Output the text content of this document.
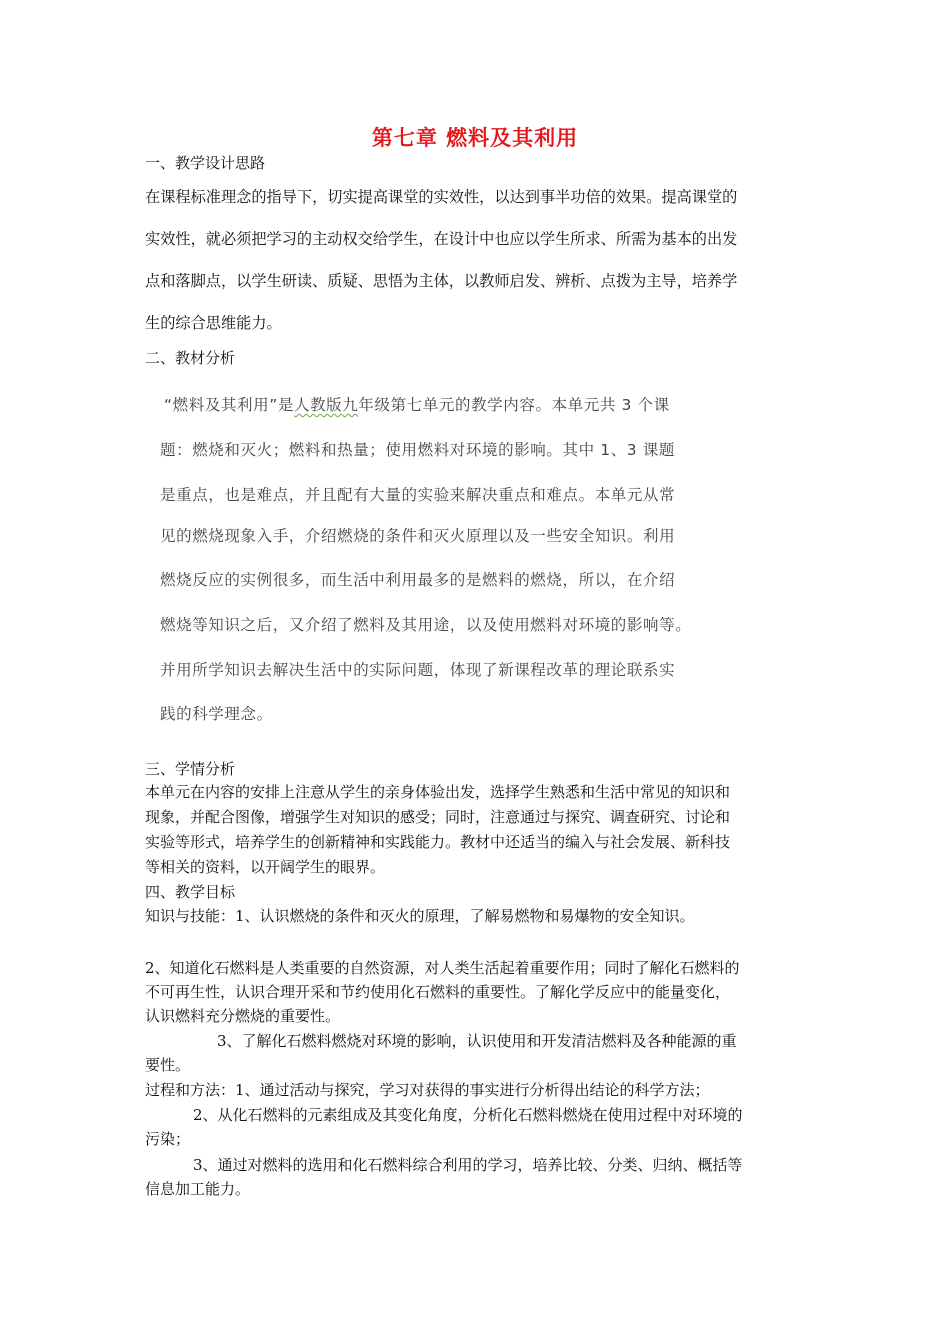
第七章 燃料及其利用
一、教学设计思路
在课程标准理念的指导下，切实提高课堂的实效性，以达到事半功倍的效果。提高课堂的
实效性，就必须把学习的主动权交给学生，在设计中也应以学生所求、所需为基本的出发
点和落脚点，以学生研读、质疑、思悟为主体，以教师启发、辨析、点拨为主导，培养学
生的综合思维能力。
二、教材分析
“燃料及其利用”是人教版九年级第七单元的教学内容。本单元共 3 个课
题：燃烧和灭火；燃料和热量；使用燃料对环境的影响。其中 1、3 课题
是重点，也是难点，并且配有大量的实验来解决重点和难点。本单元从常
见的燃烧现象入手，介绍燃烧的条件和灭火原理以及一些安全知识。利用
燃烧反应的实例很多，而生活中利用最多的是燃料的燃烧，所以，在介绍
燃烧等知识之后，又介绍了燃料及其用途，以及使用燃料对环境的影响等。
并用所学知识去解决生活中的实际问题，体现了新课程改革的理论联系实
践的科学理念。
三、学情分析
本单元在内容的安排上注意从学生的亲身体验出发，选择学生熟悉和生活中常见的知识和
现象，并配合图像，增强学生对知识的感受；同时，注意通过与探究、调查研究、讨论和
实验等形式，培养学生的创新精神和实践能力。教材中还适当的编入与社会发展、新科技
等相关的资料，以开阔学生的眼界。
四、教学目标
知识与技能：1、认识燃烧的条件和灭火的原理，了解易燃物和易爆物的安全知识。
2、知道化石燃料是人类重要的自然资源，对人类生活起着重要作用；同时了解化石燃料的
不可再生性，认识合理开采和节约使用化石燃料的重要性。了解化学反应中的能量变化，
认识燃料充分燃烧的重要性。
3、了解化石燃料燃烧对环境的影响，认识使用和开发清洁燃料及各种能源的重
要性。
过程和方法：1、通过活动与探究，学习对获得的事实进行分析得出结论的科学方法；
2、从化石燃料的元素组成及其变化角度，分析化石燃料燃烧在使用过程中对环境的
污染；
3、通过对燃料的选用和化石燃料综合利用的学习，培养比较、分类、归纳、概括等
信息加工能力。
